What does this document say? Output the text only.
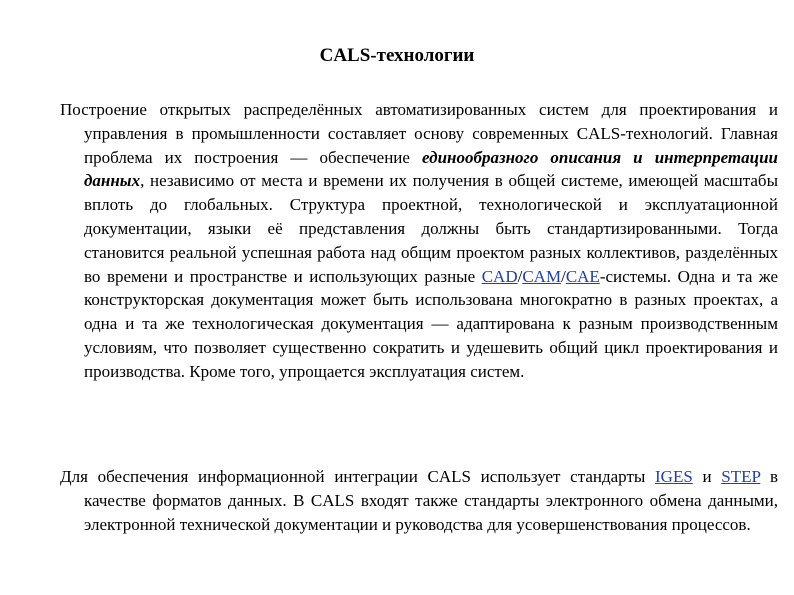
CALS-технологии

Построение открытых распределённых автоматизированных систем для проектирования и управления в промышленности составляет основу современных CALS-технологий. Главная проблема их построения — обеспечение единообразного описания и интерпретации данных, независимо от места и времени их получения в общей системе, имеющей масштабы вплоть до глобальных. Структура проектной, технологической и эксплуатационной документации, языки её представления должны быть стандартизированными. Тогда становится реальной успешная работа над общим проектом разных коллективов, разделённых во времени и пространстве и использующих разные CAD/CAM/CAE-системы. Одна и та же конструкторская документация может быть использована многократно в разных проектах, а одна и та же технологическая документация — адаптирована к разным производственным условиям, что позволяет существенно сократить и удешевить общий цикл проектирования и производства. Кроме того, упрощается эксплуатация систем.

Для обеспечения информационной интеграции CALS использует стандарты IGES и STEP в качестве форматов данных. В CALS входят также стандарты электронного обмена данными, электронной технической документации и руководства для усовершенствования процессов.
